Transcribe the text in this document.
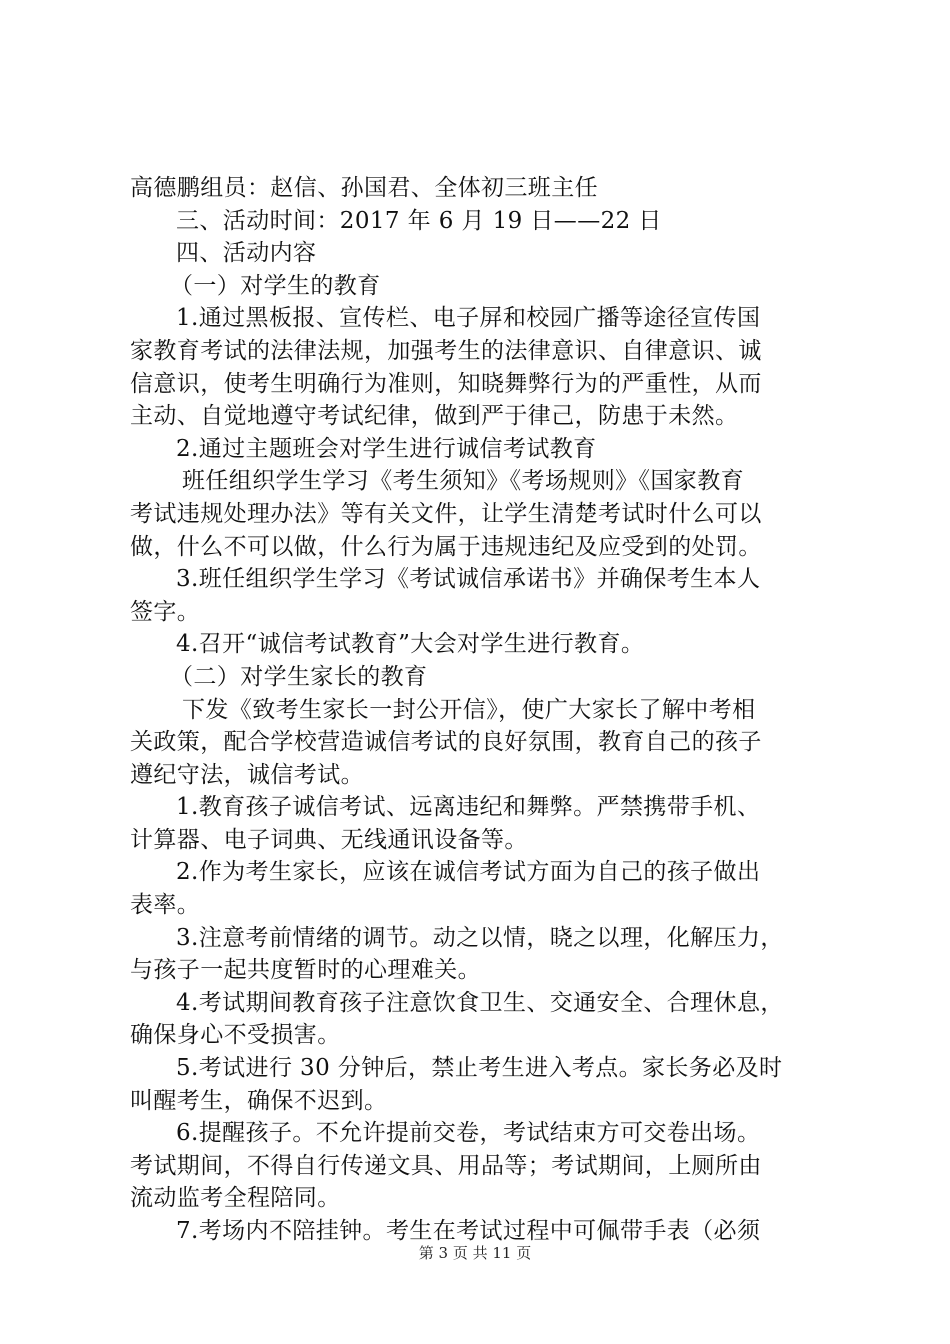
高德鹏组员：赵信、孙国君、全体初三班主任
三、活动时间：2017 年 6 月 19 日——22 日
四、活动内容
（一）对学生的教育
1.通过黑板报、宣传栏、电子屏和校园广播等途径宣传国
家教育考试的法律法规，加强考生的法律意识、自律意识、诚
信意识，使考生明确行为准则，知晓舞弊行为的严重性，从而
主动、自觉地遵守考试纪律，做到严于律己，防患于未然。
2.通过主题班会对学生进行诚信考试教育
班任组织学生学习《考生须知》《考场规则》《国家教育
考试违规处理办法》等有关文件，让学生清楚考试时什么可以
做，什么不可以做，什么行为属于违规违纪及应受到的处罚。
3.班任组织学生学习《考试诚信承诺书》并确保考生本人
签字。
4.召开“诚信考试教育”大会对学生进行教育。
（二）对学生家长的教育
下发《致考生家长一封公开信》，使广大家长了解中考相
关政策，配合学校营造诚信考试的良好氛围，教育自己的孩子
遵纪守法，诚信考试。
1.教育孩子诚信考试、远离违纪和舞弊。严禁携带手机、
计算器、电子词典、无线通讯设备等。
2.作为考生家长，应该在诚信考试方面为自己的孩子做出
表率。
3.注意考前情绪的调节。动之以情，晓之以理，化解压力，
与孩子一起共度暂时的心理难关。
4.考试期间教育孩子注意饮食卫生、交通安全、合理休息，
确保身心不受损害。
5.考试进行 30 分钟后，禁止考生进入考点。家长务必及时
叫醒考生，确保不迟到。
6.提醒孩子。不允许提前交卷，考试结束方可交卷出场。
考试期间，不得自行传递文具、用品等；考试期间，上厕所由
流动监考全程陪同。
7.考场内不陪挂钟。考生在考试过程中可佩带手表（必须
第 3 页 共 11 页
